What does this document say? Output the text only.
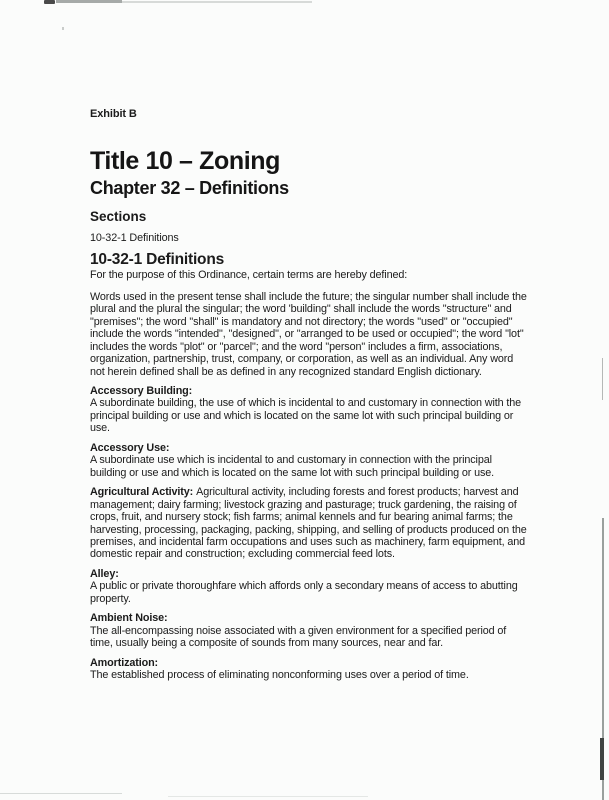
Exhibit B
Title 10 – Zoning
Chapter 32 – Definitions
Sections
10-32-1 Definitions
10-32-1 Definitions

For the purpose of this Ordinance, certain terms are hereby defined:

Words used in the present tense shall include the future; the singular number shall include the plural and the plural the singular; the word 'building" shall include the words "structure" and "premises"; the word "shall" is mandatory and not directory; the words "used" or "occupied" include the words "intended", "designed", or "arranged to be used or occupied"; the word "lot" includes the words "plot" or "parcel"; and the word "person" includes a firm, associations, organization, partnership, trust, company, or corporation, as well as an individual. Any word not herein defined shall be as defined in any recognized standard English dictionary.

Accessory Building:

A subordinate building, the use of which is incidental to and customary in connection with the principal building or use and which is located on the same lot with such principal building or use.

Accessory Use:

A subordinate use which is incidental to and customary in connection with the principal building or use and which is located on the same lot with such principal building or use.

Agricultural Activity: Agricultural activity, including forests and forest products; harvest and management; dairy farming; livestock grazing and pasturage; truck gardening, the raising of crops, fruit, and nursery stock; fish farms; animal kennels and fur bearing animal farms; the harvesting, processing, packaging, packing, shipping, and selling of products produced on the premises, and incidental farm occupations and uses such as machinery, farm equipment, and domestic repair and construction; excluding commercial feed lots.

Alley:

A public or private thoroughfare which affords only a secondary means of access to abutting property.

Ambient Noise:

The all-encompassing noise associated with a given environment for a specified period of time, usually being a composite of sounds from many sources, near and far.

Amortization:

The established process of eliminating nonconforming uses over a period of time.
